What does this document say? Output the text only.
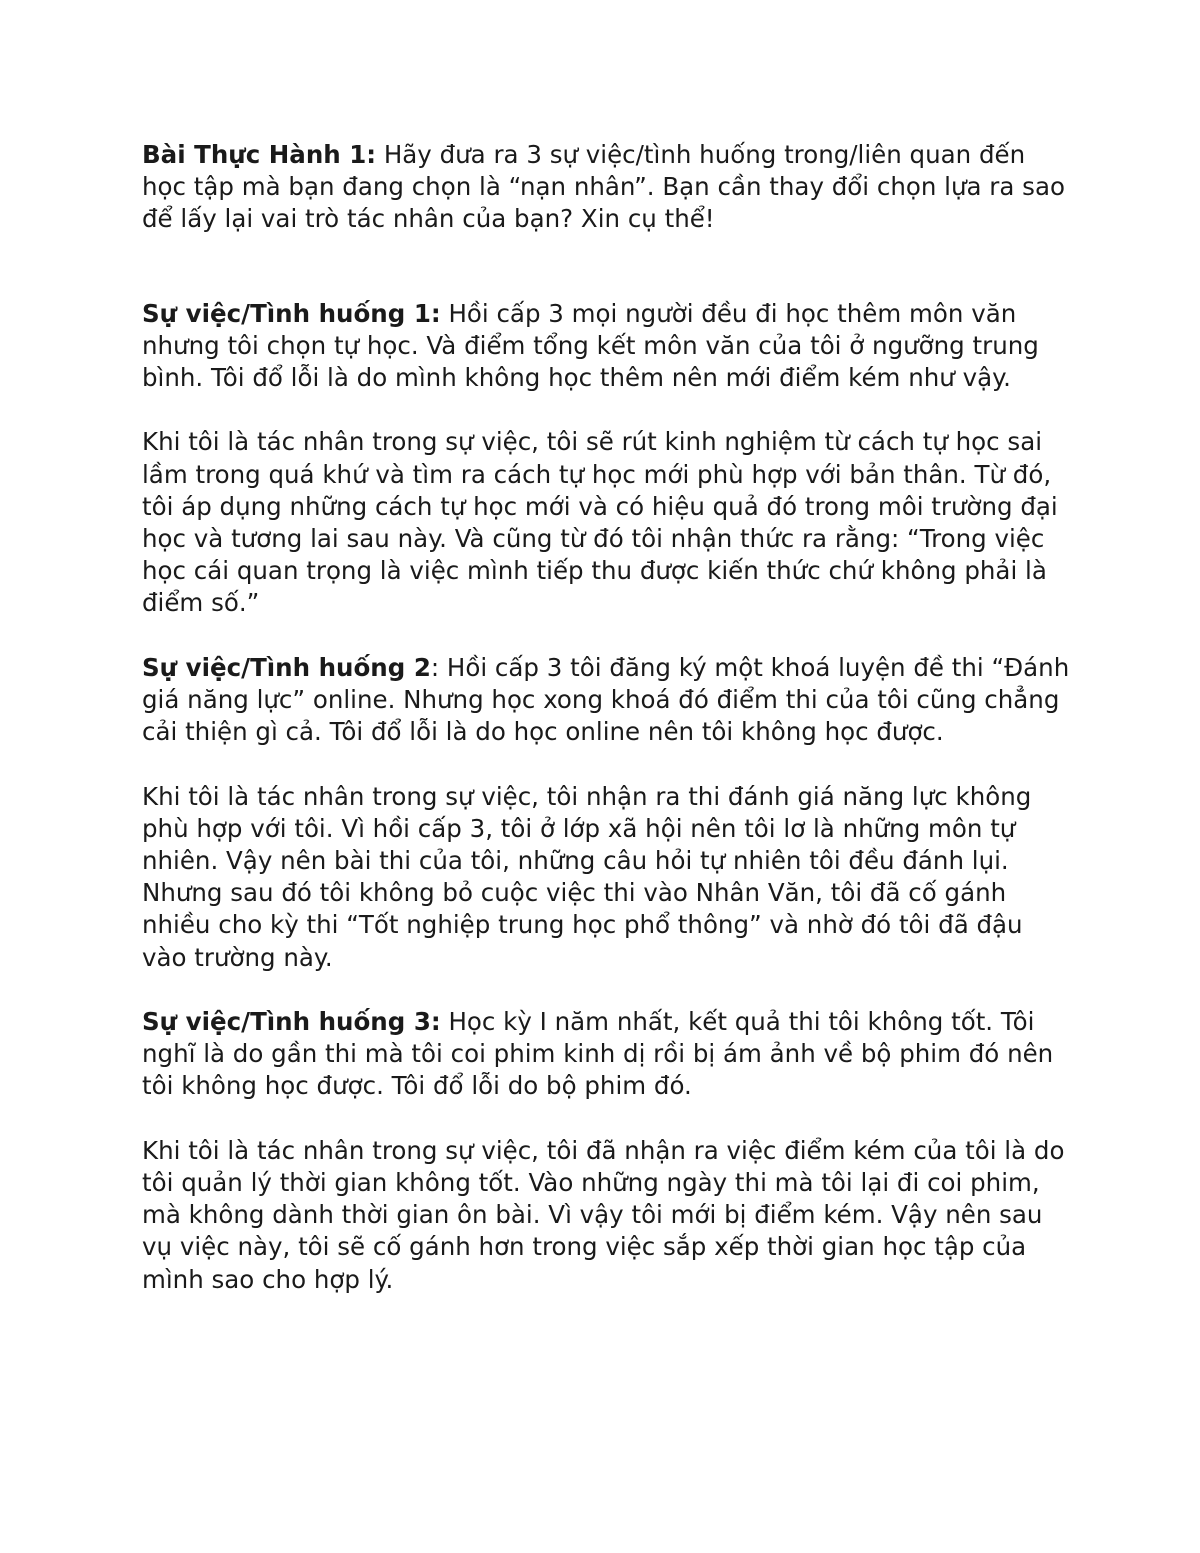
Bài Thực Hành 1: Hãy đưa ra 3 sự việc/tình huống trong/liên quan đến học tập mà bạn đang chọn là “nạn nhân”. Bạn cần thay đổi chọn lựa ra sao để lấy lại vai trò tác nhân của bạn? Xin cụ thể!

Sự việc/Tình huống 1: Hồi cấp 3 mọi người đều đi học thêm môn văn nhưng tôi chọn tự học. Và điểm tổng kết môn văn của tôi ở ngưỡng trung bình. Tôi đổ lỗi là do mình không học thêm nên mới điểm kém như vậy.

Khi tôi là tác nhân trong sự việc, tôi sẽ rút kinh nghiệm từ cách tự học sai lầm trong quá khứ và tìm ra cách tự học mới phù hợp với bản thân. Từ đó, tôi áp dụng những cách tự học mới và có hiệu quả đó trong môi trường đại học và tương lai sau này. Và cũng từ đó tôi nhận thức ra rằng: “Trong việc học cái quan trọng là việc mình tiếp thu được kiến thức chứ không phải là điểm số.”

Sự việc/Tình huống 2: Hồi cấp 3 tôi đăng ký một khoá luyện đề thi “Đánh giá năng lực” online. Nhưng học xong khoá đó điểm thi của tôi cũng chẳng cải thiện gì cả. Tôi đổ lỗi là do học online nên tôi không học được.

Khi tôi là tác nhân trong sự việc, tôi nhận ra thi đánh giá năng lực không phù hợp với tôi. Vì hồi cấp 3, tôi ở lớp xã hội nên tôi lơ là những môn tự nhiên. Vậy nên bài thi của tôi, những câu hỏi tự nhiên tôi đều đánh lụi. Nhưng sau đó tôi không bỏ cuộc việc thi vào Nhân Văn, tôi đã cố gánh nhiều cho kỳ thi “Tốt nghiệp trung học phổ thông” và nhờ đó tôi đã đậu vào trường này.

Sự việc/Tình huống 3: Học kỳ I năm nhất, kết quả thi tôi không tốt. Tôi nghĩ là do gần thi mà tôi coi phim kinh dị rồi bị ám ảnh về bộ phim đó nên tôi không học được. Tôi đổ lỗi do bộ phim đó.

Khi tôi là tác nhân trong sự việc, tôi đã nhận ra việc điểm kém của tôi là do tôi quản lý thời gian không tốt. Vào những ngày thi mà tôi lại đi coi phim, mà không dành thời gian ôn bài. Vì vậy tôi mới bị điểm kém. Vậy nên sau vụ việc này, tôi sẽ cố gánh hơn trong việc sắp xếp thời gian học tập của mình sao cho hợp lý.
